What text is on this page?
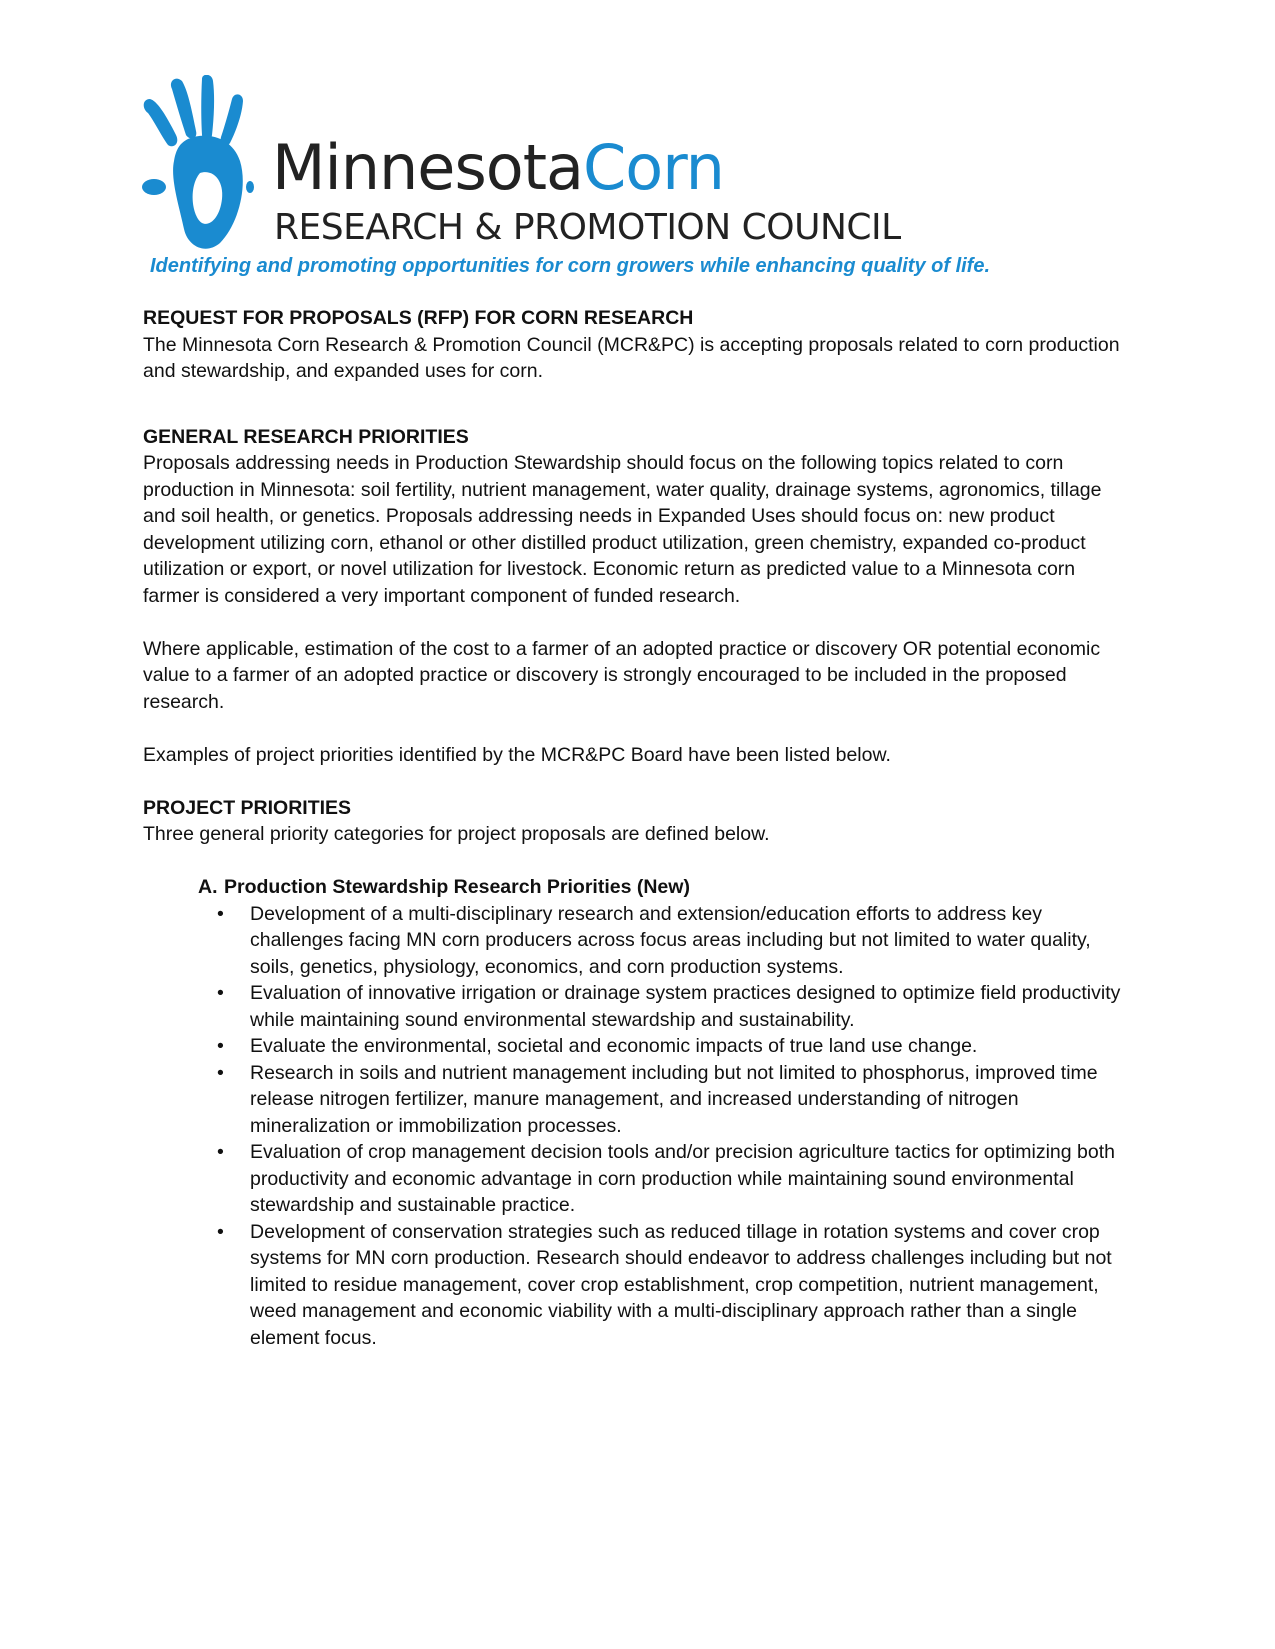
MinnesotaCorn
RESEARCH & PROMOTION COUNCIL
Identifying and promoting opportunities for corn growers while enhancing quality of life.
REQUEST FOR PROPOSALS (RFP) FOR CORN RESEARCH
The Minnesota Corn Research & Promotion Council (MCR&PC) is accepting proposals related to corn production and stewardship, and expanded uses for corn.
GENERAL RESEARCH PRIORITIES
Proposals addressing needs in Production Stewardship should focus on the following topics related to corn production in Minnesota: soil fertility, nutrient management, water quality, drainage systems, agronomics, tillage and soil health, or genetics. Proposals addressing needs in Expanded Uses should focus on: new product development utilizing corn, ethanol or other distilled product utilization, green chemistry, expanded co-product utilization or export, or novel utilization for livestock. Economic return as predicted value to a Minnesota corn farmer is considered a very important component of funded research.
Where applicable, estimation of the cost to a farmer of an adopted practice or discovery OR potential economic value to a farmer of an adopted practice or discovery is strongly encouraged to be included in the proposed research.
Examples of project priorities identified by the MCR&PC Board have been listed below.
PROJECT PRIORITIES
Three general priority categories for project proposals are defined below.
A. Production Stewardship Research Priorities (New)
• Development of a multi-disciplinary research and extension/education efforts to address key challenges facing MN corn producers across focus areas including but not limited to water quality, soils, genetics, physiology, economics, and corn production systems.
• Evaluation of innovative irrigation or drainage system practices designed to optimize field productivity while maintaining sound environmental stewardship and sustainability.
• Evaluate the environmental, societal and economic impacts of true land use change.
• Research in soils and nutrient management including but not limited to phosphorus, improved time release nitrogen fertilizer, manure management, and increased understanding of nitrogen mineralization or immobilization processes.
• Evaluation of crop management decision tools and/or precision agriculture tactics for optimizing both productivity and economic advantage in corn production while maintaining sound environmental stewardship and sustainable practice.
• Development of conservation strategies such as reduced tillage in rotation systems and cover crop systems for MN corn production. Research should endeavor to address challenges including but not limited to residue management, cover crop establishment, crop competition, nutrient management, weed management and economic viability with a multi-disciplinary approach rather than a single element focus.
